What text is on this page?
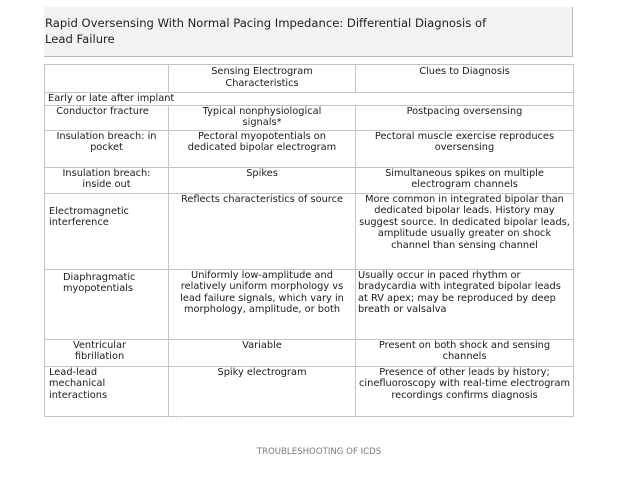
Rapid Oversensing With Normal Pacing Impedance: Differential Diagnosis of
Lead Failure
	Sensing Electrogram Characteristics	Clues to Diagnosis
Early or late after implant		
Conductor fracture	Typical nonphysiological signals*	Postpacing oversensing
Insulation breach: in pocket	Pectoral myopotentials on dedicated bipolar electrogram	Pectoral muscle exercise reproduces oversensing
Insulation breach: inside out	Spikes	Simultaneous spikes on multiple electrogram channels
Electromagnetic interference	Reflects characteristics of source	More common in integrated bipolar than dedicated bipolar leads. History may suggest source. In dedicated bipolar leads, amplitude usually greater on shock channel than sensing channel
Diaphragmatic myopotentials	Uniformly low-amplitude and relatively uniform morphology vs lead failure signals, which vary in morphology, amplitude, or both	Usually occur in paced rhythm or bradycardia with integrated bipolar leads at RV apex; may be reproduced by deep breath or valsalva
Ventricular fibrillation	Variable	Present on both shock and sensing channels
Lead-lead mechanical interactions	Spiky electrogram	Presence of other leads by history; cinefluoroscopy with real-time electrogram recordings confirms diagnosis
· · ·
TROUBLESHOOTING OF ICDS
